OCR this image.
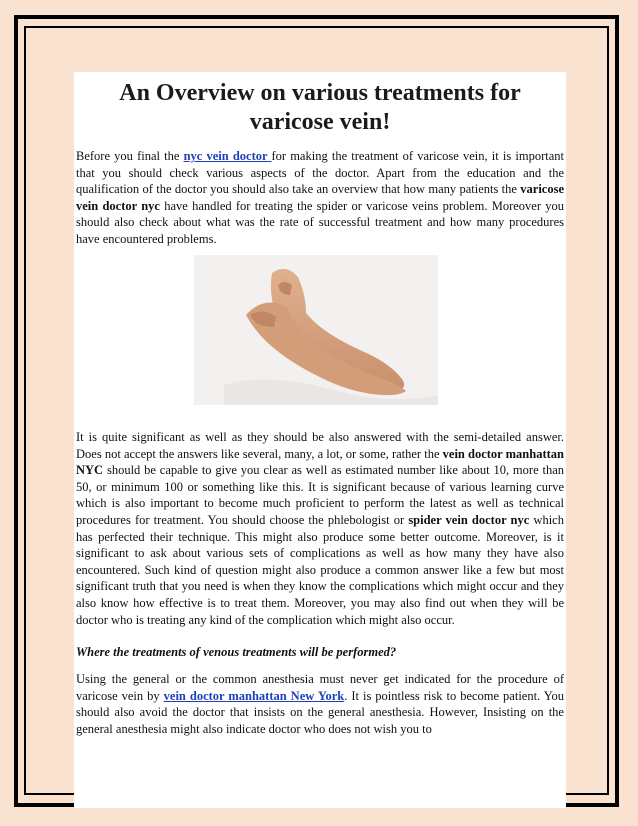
An Overview on various treatments for
varicose vein!

Before you final the nyc vein doctor for making the treatment of varicose vein, it is important that you should check various aspects of the doctor. Apart from the education and the qualification of the doctor you should also take an overview that how many patients the varicose vein doctor nyc have handled for treating the spider or varicose veins problem. Moreover you should also check about what was the rate of successful treatment and how many procedures have encountered problems.

It is quite significant as well as they should be also answered with the semi-detailed answer. Does not accept the answers like several, many, a lot, or some, rather the vein doctor manhattan NYC should be capable to give you clear as well as estimated number like about 10, more than 50, or minimum 100 or something like this. It is significant because of various learning curve which is also important to become much proficient to perform the latest as well as technical procedures for treatment. You should choose the phlebologist or spider vein doctor nyc which has perfected their technique. This might also produce some better outcome. Moreover, is it significant to ask about various sets of complications as well as how many they have also encountered. Such kind of question might also produce a common answer like a few but most significant truth that you need is when they know the complications which might occur and they also know how effective is to treat them. Moreover, you may also find out when they will be doctor who is treating any kind of the complication which might also occur.

Where the treatments of venous treatments will be performed?

Using the general or the common anesthesia must never get indicated for the procedure of varicose vein by vein doctor manhattan New York. It is pointless risk to become patient. You should also avoid the doctor that insists on the general anesthesia. However, Insisting on the general anesthesia might also indicate doctor who does not wish you to
